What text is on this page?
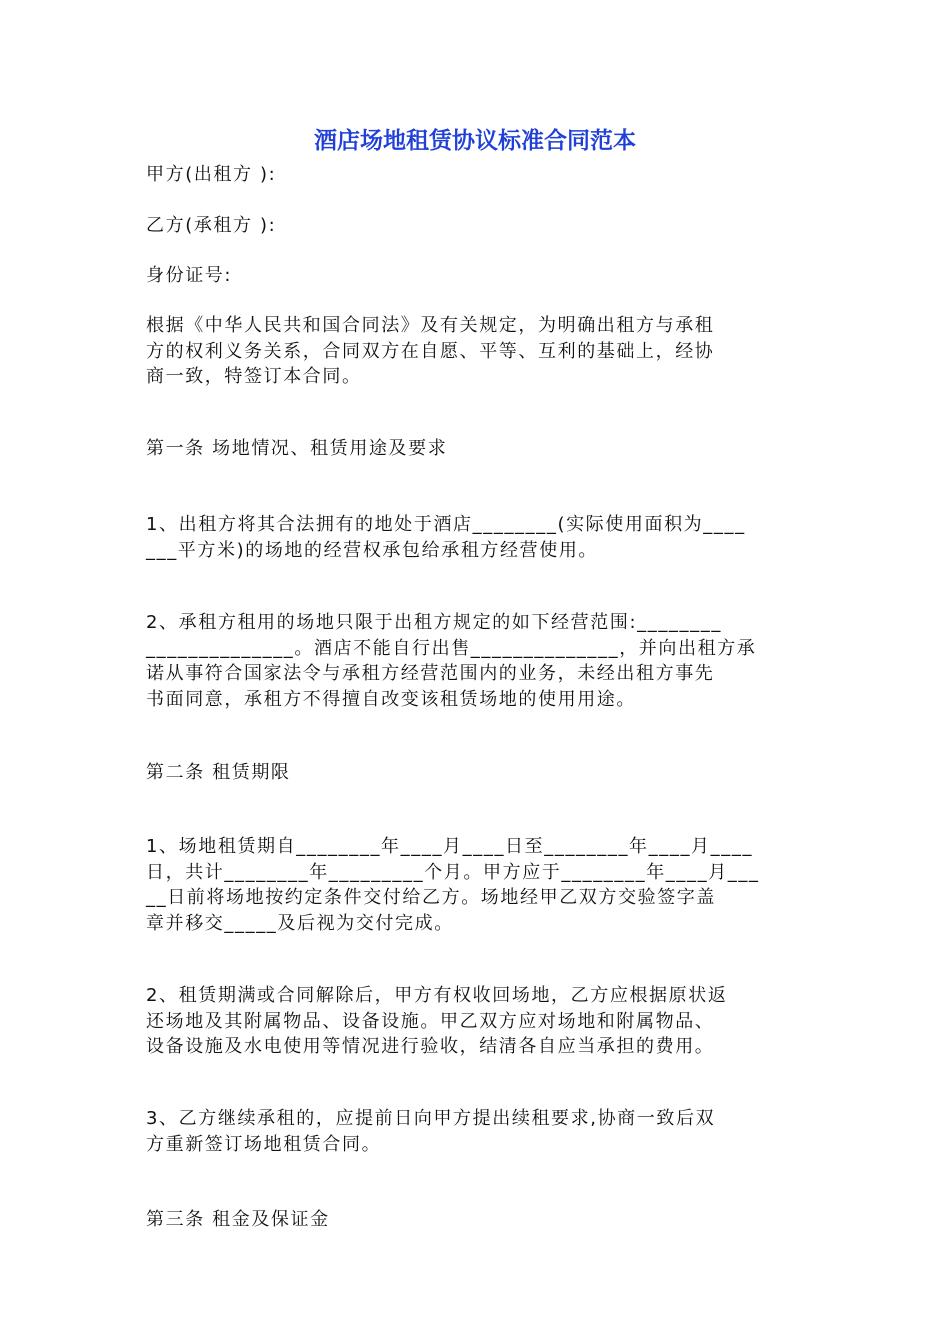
酒店场地租赁协议标准合同范本
甲方(出租方 ):
乙方(承租方 ):
身份证号:
根据《中华人民共和国合同法》及有关规定，为明确出租方与承租
方的权利义务关系，合同双方在自愿、平等、互利的基础上，经协
商一致，特签订本合同。
第一条 场地情况、租赁用途及要求
1、出租方将其合法拥有的地处于酒店________(实际使用面积为____
___平方米)的场地的经营权承包给承租方经营使用。
2、承租方租用的场地只限于出租方规定的如下经营范围:________
______________。酒店不能自行出售______________，并向出租方承
诺从事符合国家法令与承租方经营范围内的业务，未经出租方事先
书面同意，承租方不得擅自改变该租赁场地的使用用途。
第二条 租赁期限
1、场地租赁期自________年____月____日至________年____月____
日，共计________年_________个月。甲方应于________年____月___
__日前将场地按约定条件交付给乙方。场地经甲乙双方交验签字盖
章并移交_____及后视为交付完成。
2、租赁期满或合同解除后，甲方有权收回场地，乙方应根据原状返
还场地及其附属物品、设备设施。甲乙双方应对场地和附属物品、
设备设施及水电使用等情况进行验收，结清各自应当承担的费用。
3、乙方继续承租的，应提前日向甲方提出续租要求,协商一致后双
方重新签订场地租赁合同。
第三条 租金及保证金
